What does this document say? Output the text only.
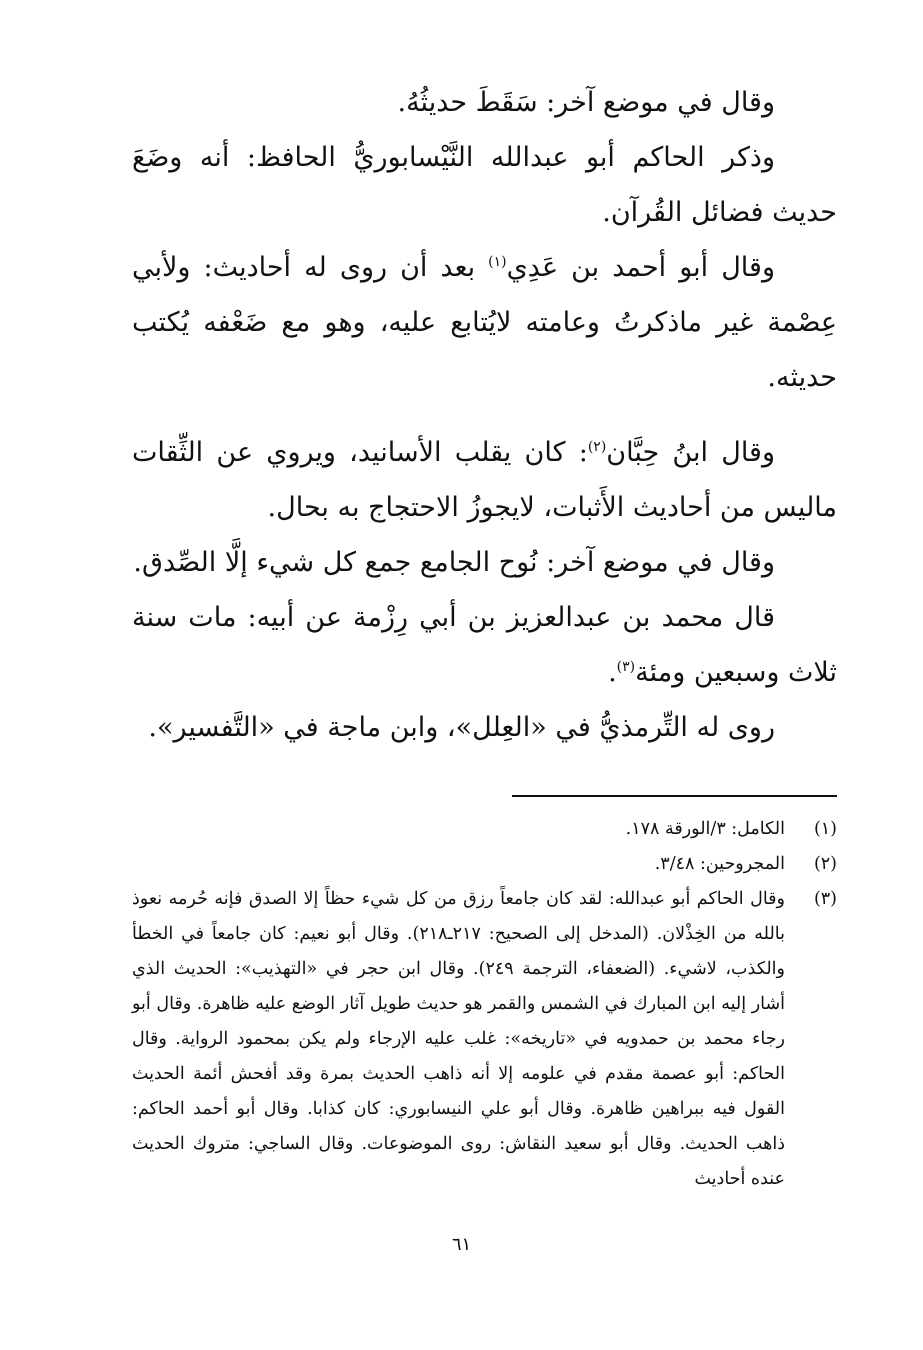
وقال في موضع آخر: سَقَطَ حديثُهُ.

وذكر الحاكم أبو عبدالله النَّيْسابوريُّ الحافظ: أنه وضَعَ حديث فضائل القُرآن.

وقال أبو أحمد بن عَدِي$^{(١)}$ بعد أن روى له أحاديث: ولأبي عِصْمة غير ماذكرتُ وعامته لايُتابع عليه، وهو مع ضَعْفه يُكتب حديثه.

وقال ابنُ حِبَّان$^{(٢)}$: كان يقلب الأسانيد، ويروي عن الثِّقات ماليس من أحاديث الأَثبات، لايجوزُ الاحتجاج به بحال.

وقال في موضع آخر: نُوح الجامع جمع كل شيء إلَّا الصِّدق.

قال محمد بن عبدالعزيز بن أبي رِزْمة عن أبيه: مات سنة ثلاث وسبعين ومئة$^{(٣)}$.

روى له التِّرمذيُّ في «العِلل»، وابن ماجة في «التَّفسير».

(١)
الكامل: ٣/الورقة ١٧٨.
(٢)
المجروحين: ٣/٤٨.
(٣)
وقال الحاكم أبو عبدالله: لقد كان جامعاً رزق من كل شيء حظاً إلا الصدق فإنه حُرمه نعوذ بالله من الخِذْلان. (المدخل إلى الصحيح: ٢١٧ـ٢١٨). وقال أبو نعيم: كان جامعاً في الخطأ والكذب، لاشيء. (الضعفاء، الترجمة ٢٤٩). وقال ابن حجر في «التهذيب»: الحديث الذي أشار إليه ابن المبارك في الشمس والقمر هو حديث طويل آثار الوضع عليه ظاهرة. وقال أبو رجاء محمد بن حمدويه في «تاريخه»: غلب عليه الإرجاء ولم يكن بمحمود الرواية. وقال الحاكم: أبو عصمة مقدم في علومه إلا أنه ذاهب الحديث بمرة وقد أفحش أئمة الحديث القول فيه ببراهين ظاهرة. وقال أبو علي النيسابوري: كان كذابا. وقال أبو أحمد الحاكم: ذاهب الحديث. وقال أبو سعيد النقاش: روى الموضوعات. وقال الساجي: متروك الحديث عنده أحاديث
٦١
